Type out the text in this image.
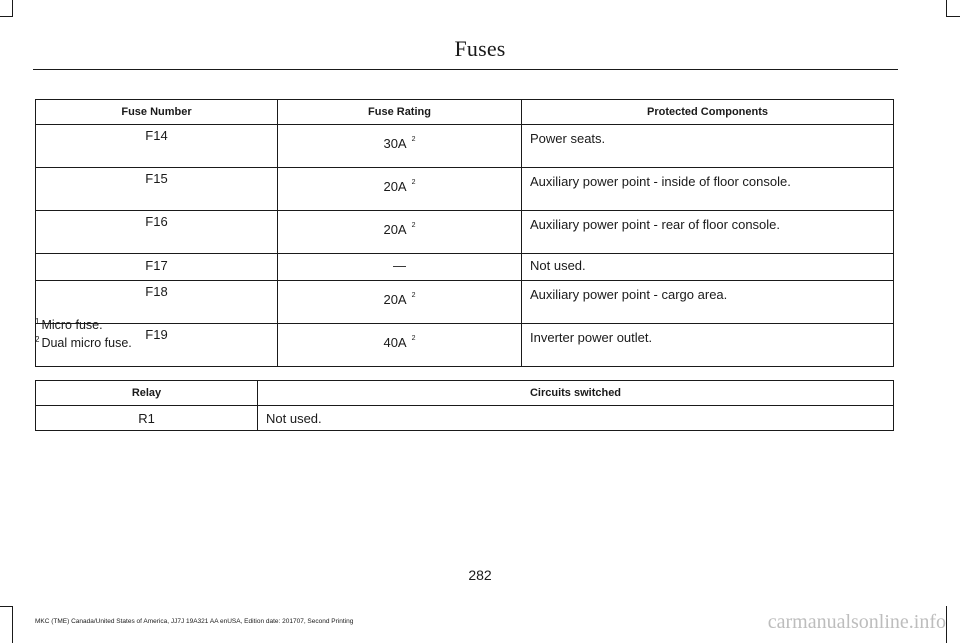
Fuses
Fuse Number	Fuse Rating	Protected Components
F14	30A $^2$	Power seats.
F15	20A $^2$	Auxiliary power point - inside of floor console.
F16	20A $^2$	Auxiliary power point - rear of floor console.
F17	—	Not used.
F18	20A $^2$	Auxiliary power point - cargo area.
F19	40A $^2$	Inverter power outlet.
$^1$ Micro fuse.
$^2$ Dual micro fuse.
Relay	Circuits switched
R1	Not used.
282
MKC (TME) Canada/United States of America, JJ7J 19A321 AA enUSA, Edition date: 201707, Second Printing	carmanualsonline.info
